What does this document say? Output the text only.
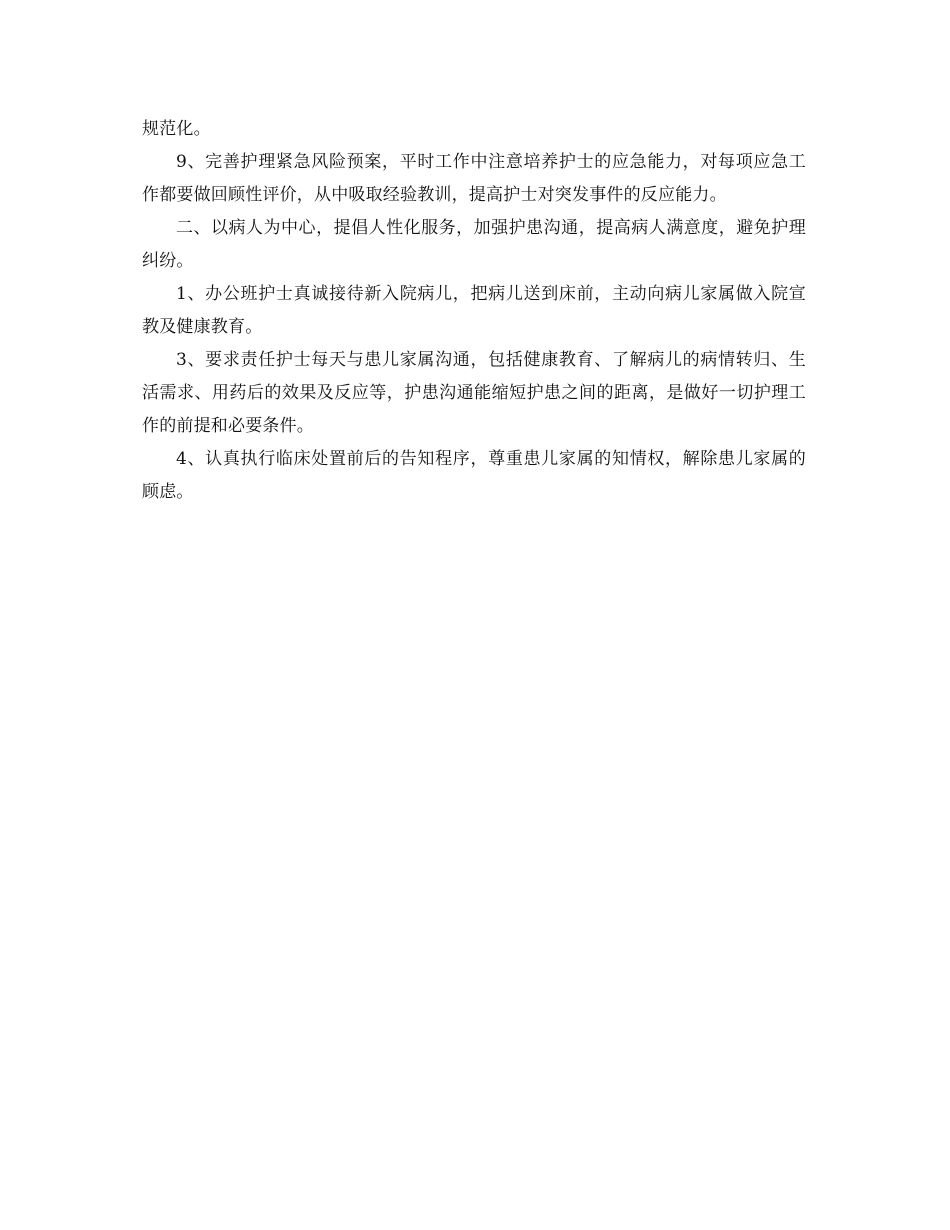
规范化。

9、完善护理紧急风险预案，平时工作中注意培养护士的应急能力，对每项应急工作都要做回顾性评价，从中吸取经验教训，提高护士对突发事件的反应能力。

二、以病人为中心，提倡人性化服务，加强护患沟通，提高病人满意度，避免护理纠纷。

1、办公班护士真诚接待新入院病儿，把病儿送到床前，主动向病儿家属做入院宣教及健康教育。

3、要求责任护士每天与患儿家属沟通，包括健康教育、了解病儿的病情转归、生活需求、用药后的效果及反应等，护患沟通能缩短护患之间的距离，是做好一切护理工作的前提和必要条件。

4、认真执行临床处置前后的告知程序，尊重患儿家属的知情权，解除患儿家属的顾虑。
